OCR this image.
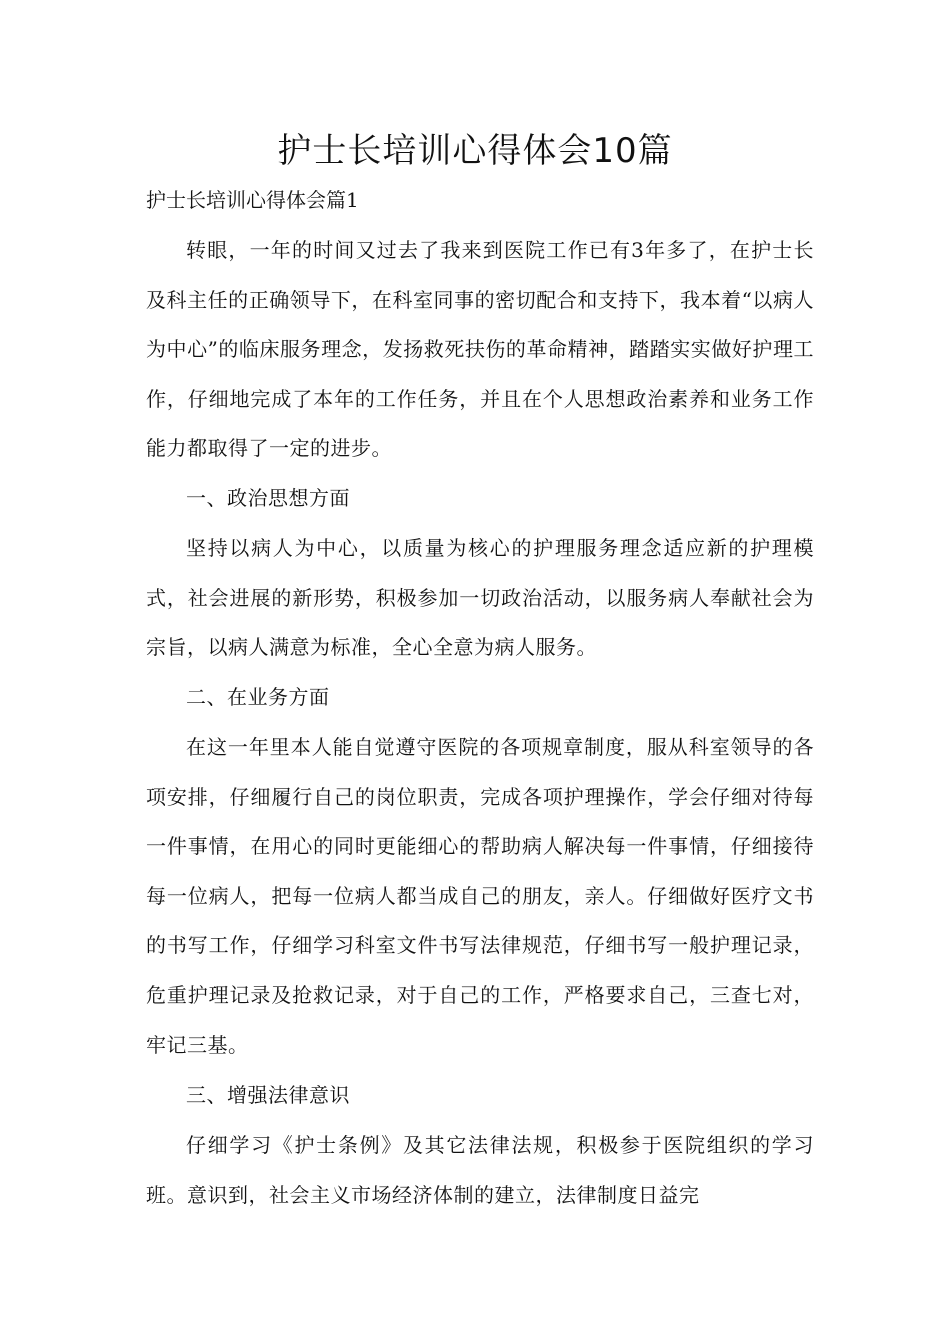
护士长培训心得体会10篇

护士长培训心得体会篇1

转眼，一年的时间又过去了我来到医院工作已有3年多了，在护士长及科主任的正确领导下，在科室同事的密切配合和支持下，我本着“以病人为中心”的临床服务理念，发扬救死扶伤的革命精神，踏踏实实做好护理工作，仔细地完成了本年的工作任务，并且在个人思想政治素养和业务工作能力都取得了一定的进步。

一、政治思想方面

坚持以病人为中心，以质量为核心的护理服务理念适应新的护理模式，社会进展的新形势，积极参加一切政治活动，以服务病人奉献社会为宗旨，以病人满意为标准，全心全意为病人服务。

二、在业务方面

在这一年里本人能自觉遵守医院的各项规章制度，服从科室领导的各项安排，仔细履行自己的岗位职责，完成各项护理操作，学会仔细对待每一件事情，在用心的同时更能细心的帮助病人解决每一件事情，仔细接待每一位病人，把每一位病人都当成自己的朋友，亲人。仔细做好医疗文书的书写工作，仔细学习科室文件书写法律规范，仔细书写一般护理记录，危重护理记录及抢救记录，对于自己的工作，严格要求自己，三查七对，牢记三基。

三、增强法律意识

仔细学习《护士条例》及其它法律法规，积极参于医院组织的学习班。意识到，社会主义市场经济体制的建立，法律制度日益完
